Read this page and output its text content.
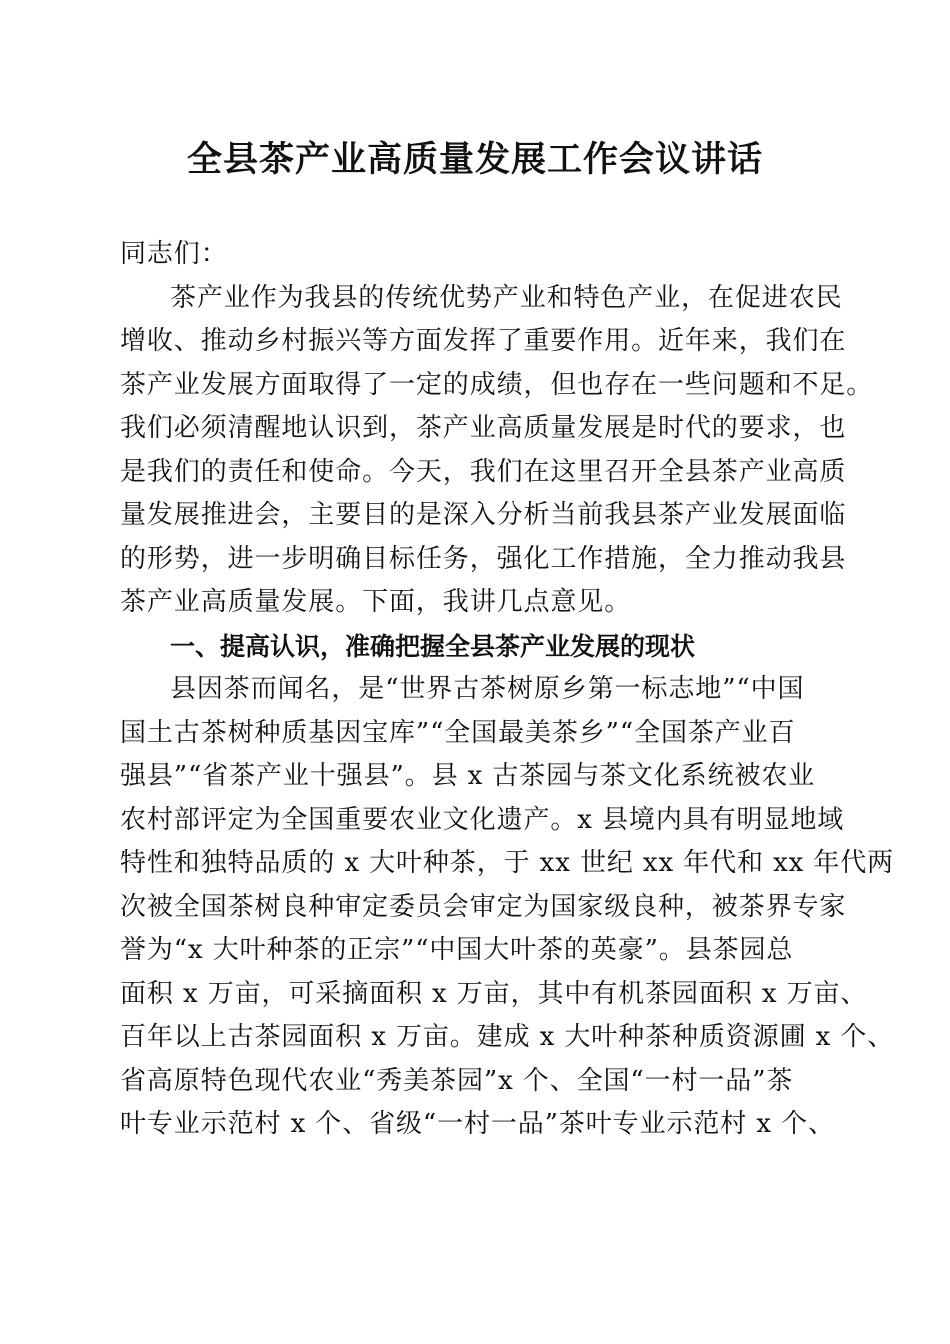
全县茶产业高质量发展工作会议讲话
同志们：
茶产业作为我县的传统优势产业和特色产业，在促进农民
增收、推动乡村振兴等方面发挥了重要作用。近年来，我们在
茶产业发展方面取得了一定的成绩，但也存在一些问题和不足。
我们必须清醒地认识到，茶产业高质量发展是时代的要求，也
是我们的责任和使命。今天，我们在这里召开全县茶产业高质
量发展推进会，主要目的是深入分析当前我县茶产业发展面临
的形势，进一步明确目标任务，强化工作措施，全力推动我县
茶产业高质量发展。下面，我讲几点意见。
一、提高认识，准确把握全县茶产业发展的现状
县因茶而闻名，是“世界古茶树原乡第一标志地”“中国
国土古茶树种质基因宝库”“全国最美茶乡”“全国茶产业百
强县”“省茶产业十强县”。县 x 古茶园与茶文化系统被农业
农村部评定为全国重要农业文化遗产。x 县境内具有明显地域
特性和独特品质的 x 大叶种茶，于 xx 世纪 xx 年代和 xx 年代两
次被全国茶树良种审定委员会审定为国家级良种，被茶界专家
誉为“x 大叶种茶的正宗”“中国大叶茶的英豪”。县茶园总
面积 x 万亩，可采摘面积 x 万亩，其中有机茶园面积 x 万亩、
百年以上古茶园面积 x 万亩。建成 x 大叶种茶种质资源圃 x 个、
省高原特色现代农业“秀美茶园”x 个、全国“一村一品”茶
叶专业示范村 x 个、省级“一村一品”茶叶专业示范村 x 个、
